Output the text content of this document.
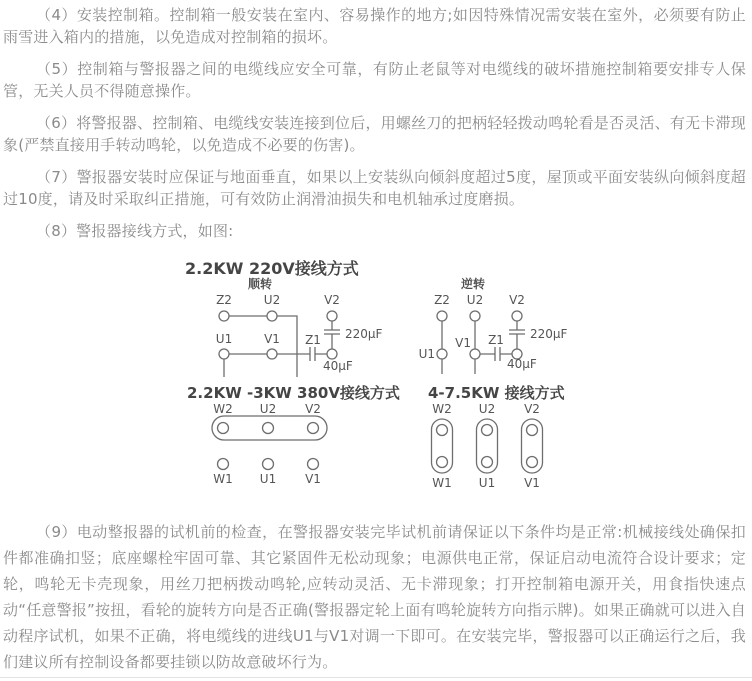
（4）安装控制箱。控制箱一般安装在室内、容易操作的地方;如因特殊情况需安装在室外，必须要有防止雨雪进入箱内的措施，以免造成对控制箱的损坏。

（5）控制箱与警报器之间的电缆线应安全可靠，有防止老鼠等对电缆线的破坏措施控制箱要安排专人保管，无关人员不得随意操作。

（6）将警报器、控制箱、电缆线安装连接到位后，用螺丝刀的把柄轻轻拨动鸣轮看是否灵活、有无卡滞现象(严禁直接用手转动鸣轮，以免造成不必要的伤害)。

（7）警报器安装时应保证与地面垂直，如果以上安装纵向倾斜度超过5度，屋顶或平面安装纵向倾斜度超过10度，请及时采取纠正措施，可有效防止润滑油损失和电机轴承过度磨损。

（8）警报器接线方式，如图:

2.2KW 220V接线方式
顺转
Z2	U2	V2
U1	V1 Z1 220μF
40μF
逆转
Z2 U2 V2
U1
V1 Z1 220μF
40μF
2.2KW -3KW 380V接线方式
W2 U2 V2
W1 U1 V1
4-7.5KW 接线方式
W2 U2 V2
W1 U1 V1

（9）电动整报器的试机前的检查，在警报器安装完毕试机前请保证以下条件均是正常:机械接线处确保扣件都准确扣竖；底座螺栓牢固可靠、其它紧固件无松动现象；电源供电正常，保证启动电流符合设计要求；定轮，鸣轮无卡壳现象，用丝刀把柄拨动鸣轮,应转动灵活、无卡滞现象；打开控制箱电源开关，用食指快速点动“任意警报”按扭，看轮的旋转方向是否正确(警报器定轮上面有鸣轮旋转方向指示牌)。如果正确就可以进入自动程序试机，如果不正确，将电缆线的进线U1与V1对调一下即可。在安装完毕，警报器可以正确运行之后，我们建议所有控制设备都要挂锁以防故意破坏行为。
